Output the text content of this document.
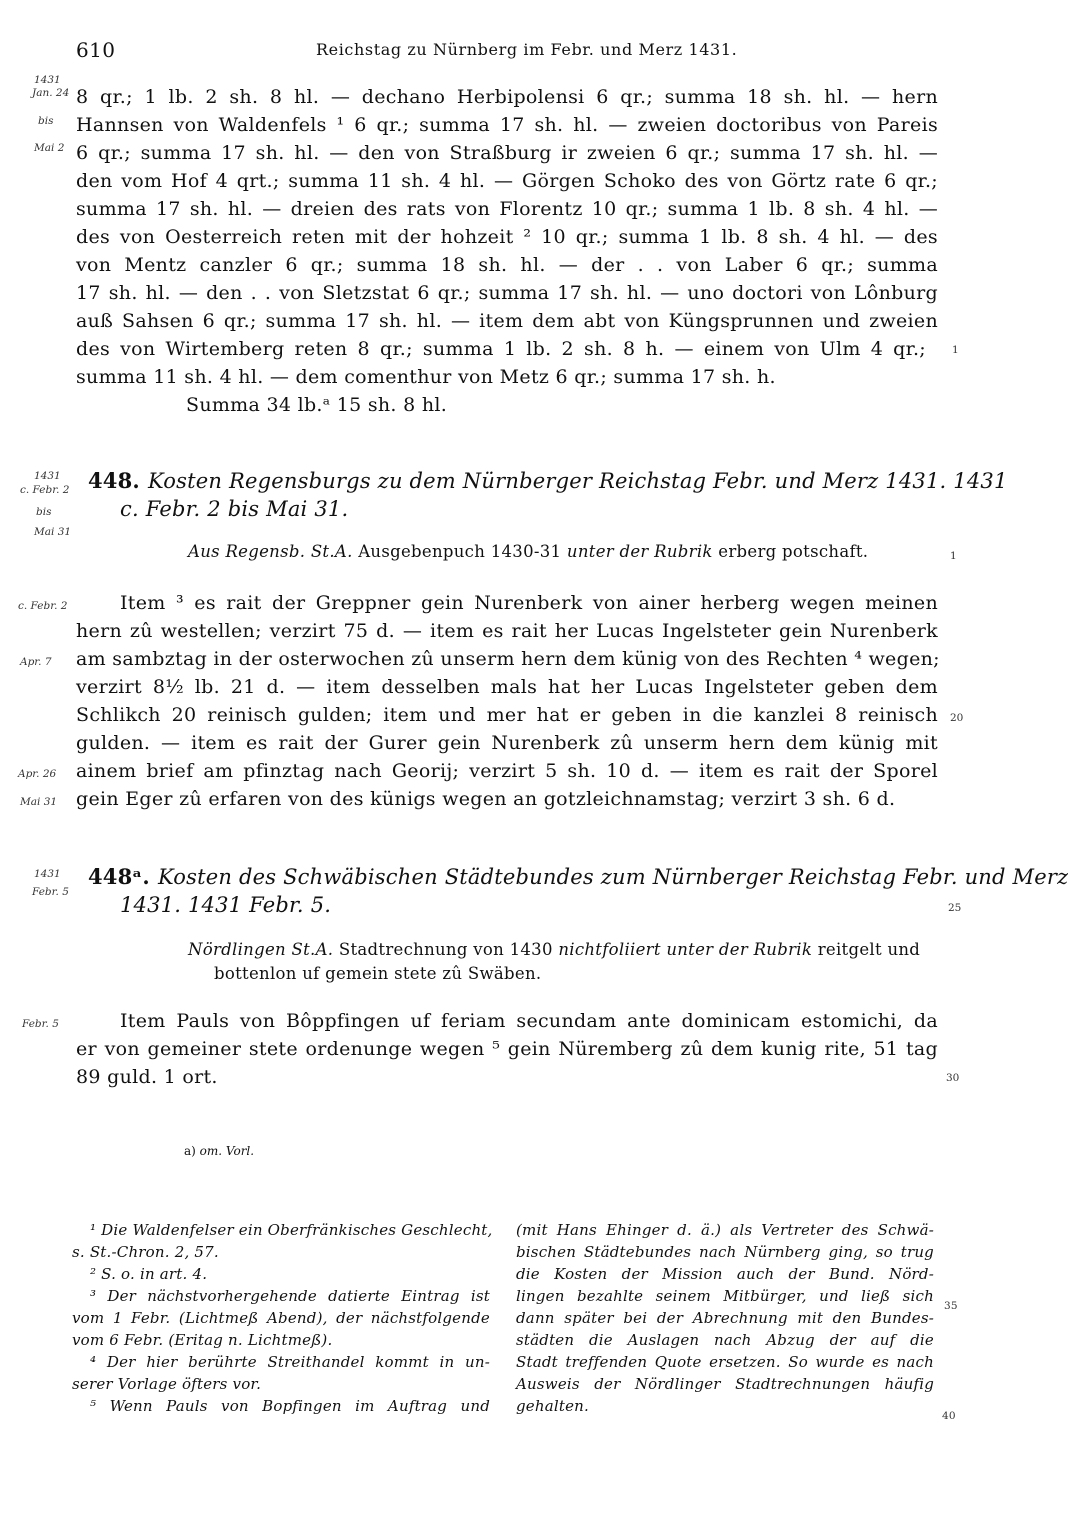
610	Reichstag zu Nürnberg im Febr. und Merz 1431.
1431
Jan. 24
bis
Mai 2
8 qr.; 1 lb. 2 sh. 8 hl. — dechano Herbipolensi 6 qr.; summa 18 sh. hl. — hern
Hannsen von Waldenfels ¹ 6 qr.; summa 17 sh. hl. — zweien doctoribus von Pareis
6 qr.; summa 17 sh. hl. — den von Straßburg ir zweien 6 qr.; summa 17 sh. hl. —
den vom Hof 4 qrt.; summa 11 sh. 4 hl. — Görgen Schoko des von Görtz rate 6 qr.;
summa 17 sh. hl. — dreien des rats von Florentz 10 qr.; summa 1 lb. 8 sh. 4 hl. —
des von Oesterreich reten mit der hohzeit ² 10 qr.; summa 1 lb. 8 sh. 4 hl. — des
von Mentz canzler 6 qr.; summa 18 sh. hl. — der . . von Laber 6 qr.; summa
17 sh. hl. — den . . von Sletzstat 6 qr.; summa 17 sh. hl. — uno doctori von Lônburg
auß Sahsen 6 qr.; summa 17 sh. hl. — item dem abt von Küngsprunnen und zweien
des von Wirtemberg reten 8 qr.; summa 1 lb. 2 sh. 8 h. — einem von Ulm 4 qr.;
summa 11 sh. 4 hl. — dem comenthur von Metz 6 qr.; summa 17 sh. h.
Summa 34 lb.ᵃ 15 sh. 8 hl.
1
1431
c. Febr. 2
bis
Mai 31
448. Kosten Regensburgs zu dem Nürnberger Reichstag Febr. und Merz 1431. 1431
c. Febr. 2 bis Mai 31.
Aus Regensb. St.A. Ausgebenpuch 1430-31 unter der Rubrik erberg potschaft.	1
c. Febr. 2
Apr. 7
Apr. 26
Mai 31
Item ³ es rait der Greppner gein Nurenberk von ainer herberg wegen meinen
hern zû westellen; verzirt 75 d. — item es rait her Lucas Ingelsteter gein Nurenberk
am sambztag in der osterwochen zû unserm hern dem künig von des Rechten ⁴ wegen;
verzirt 8½ lb. 21 d. — item desselben mals hat her Lucas Ingelsteter geben dem
Schlikch 20 reinisch gulden; item und mer hat er geben in die kanzlei 8 reinisch
gulden. — item es rait der Gurer gein Nurenberk zû unserm hern dem künig mit
ainem brief am pfinztag nach Georij; verzirt 5 sh. 10 d. — item es rait der Sporel
gein Eger zû erfaren von des künigs wegen an gotzleichnamstag; verzirt 3 sh. 6 d.
20
1431
Febr. 5
448ᵃ. Kosten des Schwäbischen Städtebundes zum Nürnberger Reichstag Febr. und Merz
1431. 1431 Febr. 5.	25
Nördlingen St.A. Stadtrechnung von 1430 nichtfoliiert unter der Rubrik reitgelt und
bottenlon uf gemein stete zû Swäben.
Febr. 5	Item Pauls von Bôppfingen uf feriam secundam ante dominicam estomichi, da
er von gemeiner stete ordenunge wegen ⁵ gein Nüremberg zû dem kunig rite, 51 tag
89 guld. 1 ort.	30
a) om. Vorl.
¹ Die Waldenfelser ein Oberfränkisches Geschlecht,
s. St.-Chron. 2, 57.
² S. o. in art. 4.
³ Der nächstvorhergehende datierte Eintrag ist
vom 1 Febr. (Lichtmeß Abend), der nächstfolgende
vom 6 Febr. (Eritag n. Lichtmeß).
⁴ Der hier berührte Streithandel kommt in un-
serer Vorlage öfters vor.
⁵ Wenn Pauls von Bopfingen im Auftrag und
(mit Hans Ehinger d. ä.) als Vertreter des Schwä-
bischen Städtebundes nach Nürnberg ging, so trug
die Kosten der Mission auch der Bund. Nörd-
lingen bezahlte seinem Mitbürger, und ließ sich
dann später bei der Abrechnung mit den Bundes-
städten die Auslagen nach Abzug der auf die
Stadt treffenden Quote ersetzen. So wurde es nach
Ausweis der Nördlinger Stadtrechnungen häufig
gehalten.
35
40
